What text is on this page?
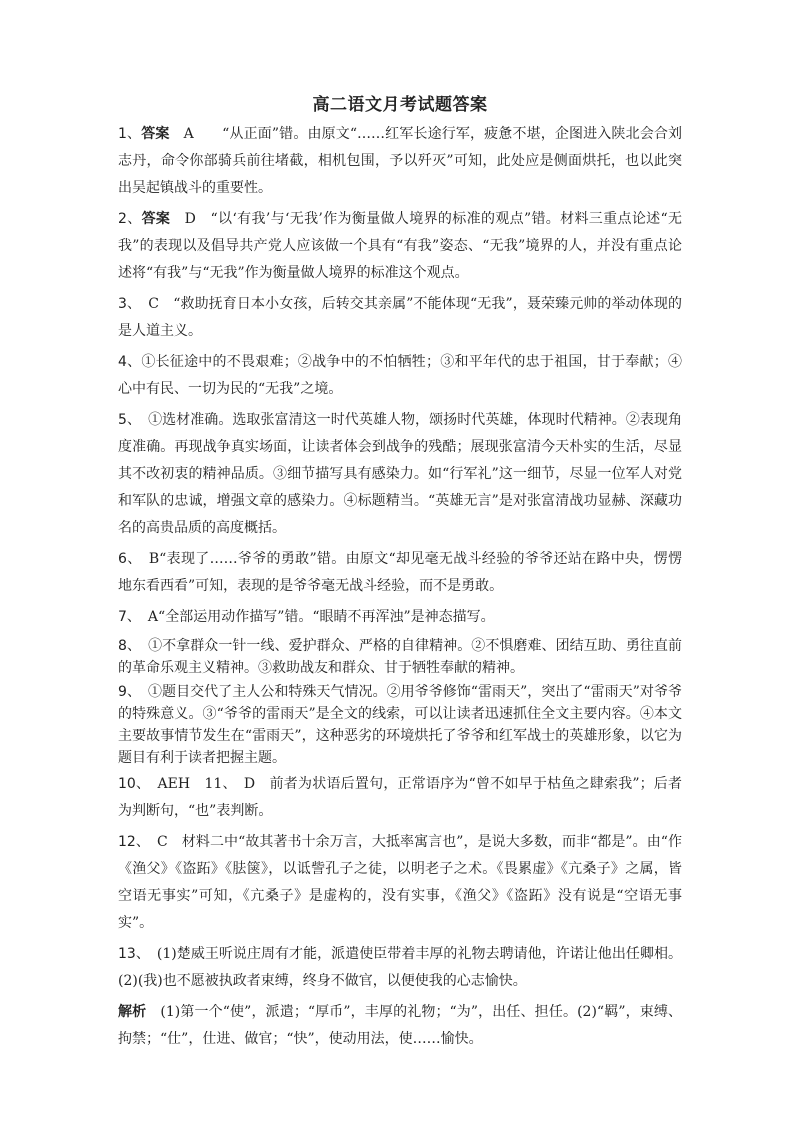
高二语文月考试题答案

1、答案　A　　“从正面”错。由原文“……红军长途行军，疲惫不堪，企图进入陕北会合刘志丹，命令你部骑兵前往堵截，相机包围，予以歼灭”可知，此处应是侧面烘托，也以此突出吴起镇战斗的重要性。

2、答案　D　“以‘有我’与‘无我’作为衡量做人境界的标准的观点”错。材料三重点论述“无我”的表现以及倡导共产党人应该做一个具有“有我”姿态、“无我”境界的人，并没有重点论述将“有我”与“无我”作为衡量做人境界的标准这个观点。

3、　C　“救助抚育日本小女孩，后转交其亲属”不能体现“无我”，聂荣臻元帅的举动体现的是人道主义。

4、①长征途中的不畏艰难；②战争中的不怕牺牲；③和平年代的忠于祖国，甘于奉献；④心中有民、一切为民的“无我”之境。

5、　①选材准确。选取张富清这一时代英雄人物，颂扬时代英雄，体现时代精神。②表现角度准确。再现战争真实场面，让读者体会到战争的残酷；展现张富清今天朴实的生活，尽显其不改初衷的精神品质。③细节描写具有感染力。如“行军礼”这一细节，尽显一位军人对党和军队的忠诚，增强文章的感染力。④标题精当。“英雄无言”是对张富清战功显赫、深藏功名的高贵品质的高度概括。

6、　B“表现了……爷爷的勇敢”错。由原文“却见毫无战斗经验的爷爷还站在路中央，愣愣地东看西看”可知，表现的是爷爷毫无战斗经验，而不是勇敢。

7、　A“全部运用动作描写”错。“眼睛不再浑浊”是神态描写。

8、　①不拿群众一针一线、爱护群众、严格的自律精神。②不惧磨难、团结互助、勇往直前的革命乐观主义精神。③救助战友和群众、甘于牺牲奉献的精神。

9、　①题目交代了主人公和特殊天气情况。②用爷爷修饰“雷雨天”，突出了“雷雨天”对爷爷的特殊意义。③“爷爷的雷雨天”是全文的线索，可以让读者迅速抓住全文主要内容。④本文主要故事情节发生在“雷雨天”，这种恶劣的环境烘托了爷爷和红军战士的英雄形象，以它为题目有利于读者把握主题。

10、　AEH　11、　D　前者为状语后置句，正常语序为“曾不如早于枯鱼之肆索我”；后者为判断句，“也”表判断。

12、　C　材料二中“故其著书十余万言，大抵率寓言也”，是说大多数，而非“都是”。由“作《渔父》《盗跖》《胠箧》，以诋訾孔子之徒，以明老子之术。《畏累虚》《亢桑子》之属，皆空语无事实”可知，《亢桑子》是虚构的，没有实事，《渔父》《盗跖》没有说是“空语无事实”。

13、　(1)楚威王听说庄周有才能，派遣使臣带着丰厚的礼物去聘请他，许诺让他出任卿相。(2)(我)也不愿被执政者束缚，终身不做官，以便使我的心志愉快。

解析　(1)第一个“使”，派遣；“厚币”，丰厚的礼物；“为”，出任、担任。(2)“羁”，束缚、拘禁；“仕”，仕进、做官；“快”，使动用法，使……愉快。
